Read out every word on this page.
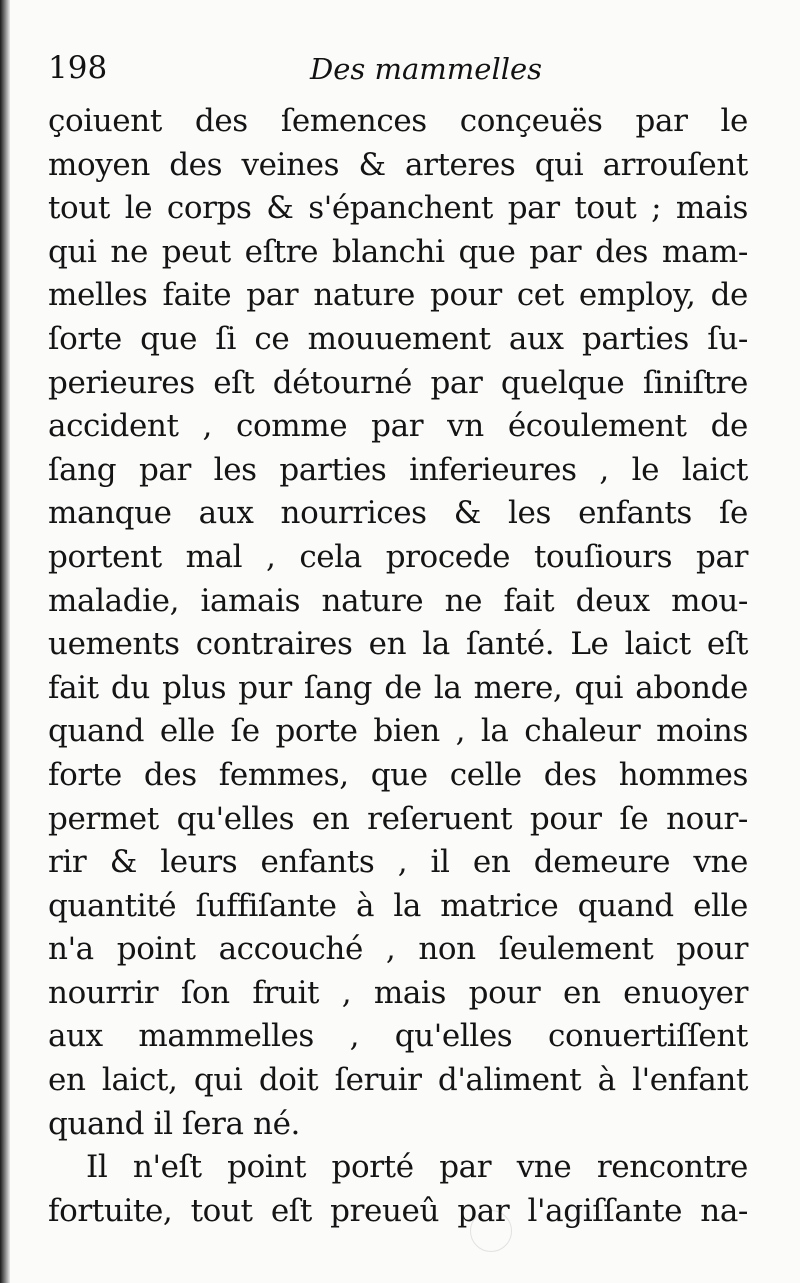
198	Des mammelles
çoiuent des ſemences conçeuës par le
moyen des veines & arteres qui arrouſent
tout le corps & s'épanchent par tout ; mais
qui ne peut eſtre blanchi que par des mam-
melles faite par nature pour cet employ, de
ſorte que ſi ce mouuement aux parties ſu-
perieures eſt détourné par quelque ſiniſtre
accident , comme par vn écoulement de
ſang par les parties inferieures , le laict
manque aux nourrices & les enfants ſe
portent mal , cela procede touſiours par
maladie, iamais nature ne fait deux mou-
uements contraires en la ſanté. Le laict eſt
fait du plus pur ſang de la mere, qui abonde
quand elle ſe porte bien , la chaleur moins
forte des femmes, que celle des hommes
permet qu'elles en reſeruent pour ſe nour-
rir & leurs enfants , il en demeure vne
quantité ſuffiſante à la matrice quand elle
n'a point accouché , non ſeulement pour
nourrir ſon fruit , mais pour en enuoyer
aux mammelles , qu'elles conuertiſſent
en laict, qui doit ſeruir d'aliment à l'enfant
quand il ſera né.
Il n'eſt point porté par vne rencontre
fortuite, tout eſt preueû par l'agiſſante na-
